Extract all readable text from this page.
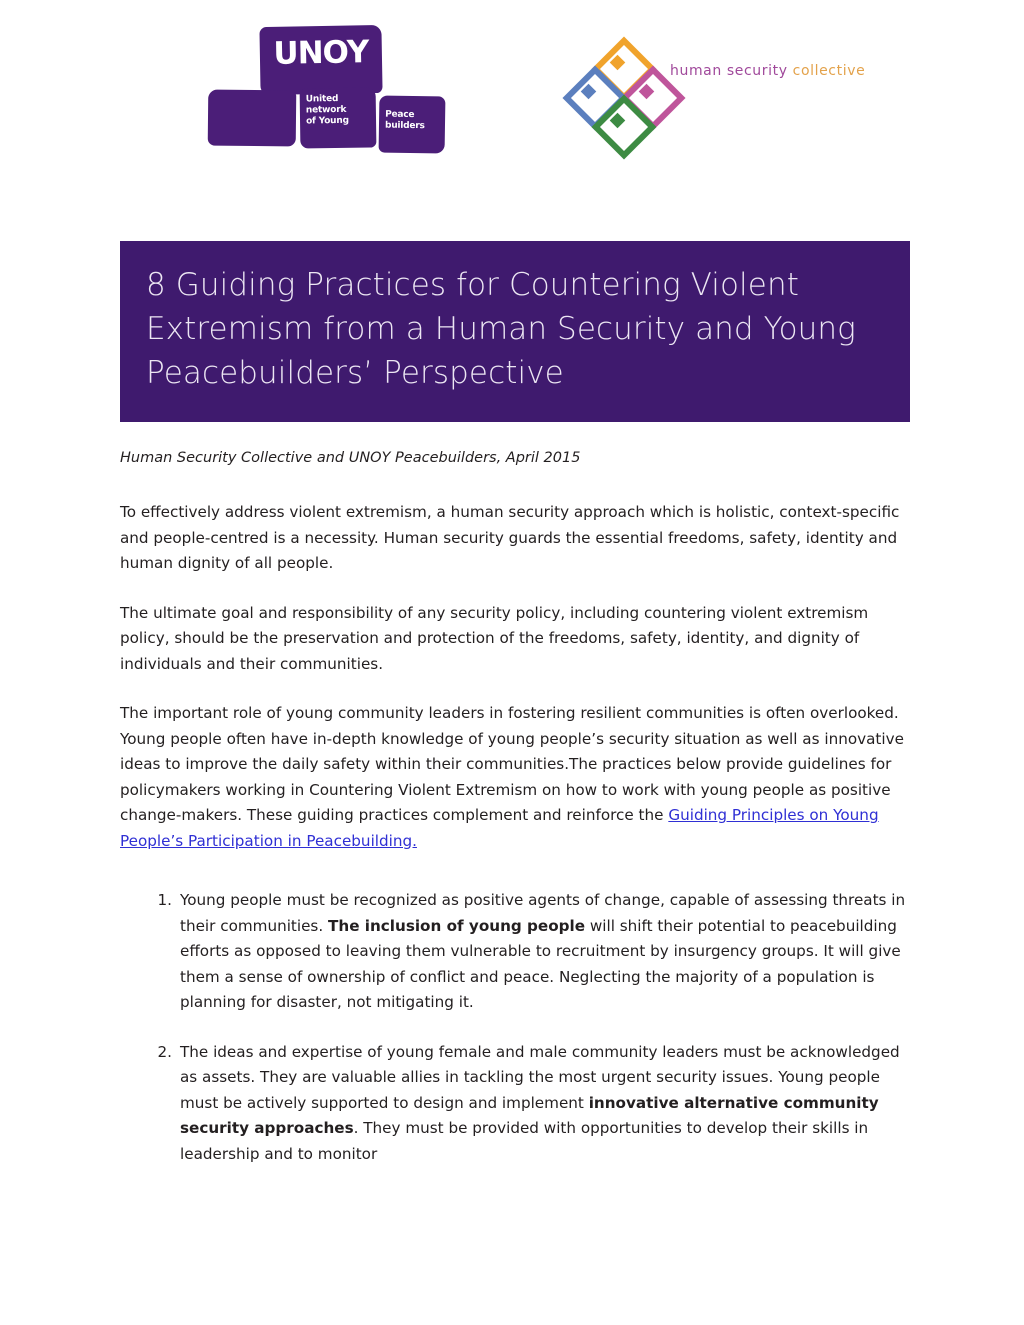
UNOY
United
network
of Young
Peace
builders
human security collective
8 Guiding Practices for Countering Violent Extremism from a Human Security and Young Peacebuilders’ Perspective
Human Security Collective and UNOY Peacebuilders, April 2015

To effectively address violent extremism, a human security approach which is holistic, context-specific and people-centred is a necessity. Human security guards the essential freedoms, safety, identity and human dignity of all people.

The ultimate goal and responsibility of any security policy, including countering violent extremism policy, should be the preservation and protection of the freedoms, safety, identity, and dignity of individuals and their communities.

The important role of young community leaders in fostering resilient communities is often overlooked. Young people often have in-depth knowledge of young people’s security situation as well as innovative ideas to improve the daily safety within their communities.The practices below provide guidelines for policymakers working in Countering Violent Extremism on how to work with young people as positive change-makers. These guiding practices complement and reinforce the Guiding Principles on Young People’s Participation in Peacebuilding.

Young people must be recognized as positive agents of change, capable of assessing threats in their communities. The inclusion of young people will shift their potential to peacebuilding efforts as opposed to leaving them vulnerable to recruitment by insurgency groups. It will give them a sense of ownership of conflict and peace. Neglecting the majority of a population is planning for disaster, not mitigating it.
The ideas and expertise of young female and male community leaders must be acknowledged as assets. They are valuable allies in tackling the most urgent security issues. Young people must be actively supported to design and implement innovative alternative community security approaches. They must be provided with opportunities to develop their skills in leadership and to monitor
